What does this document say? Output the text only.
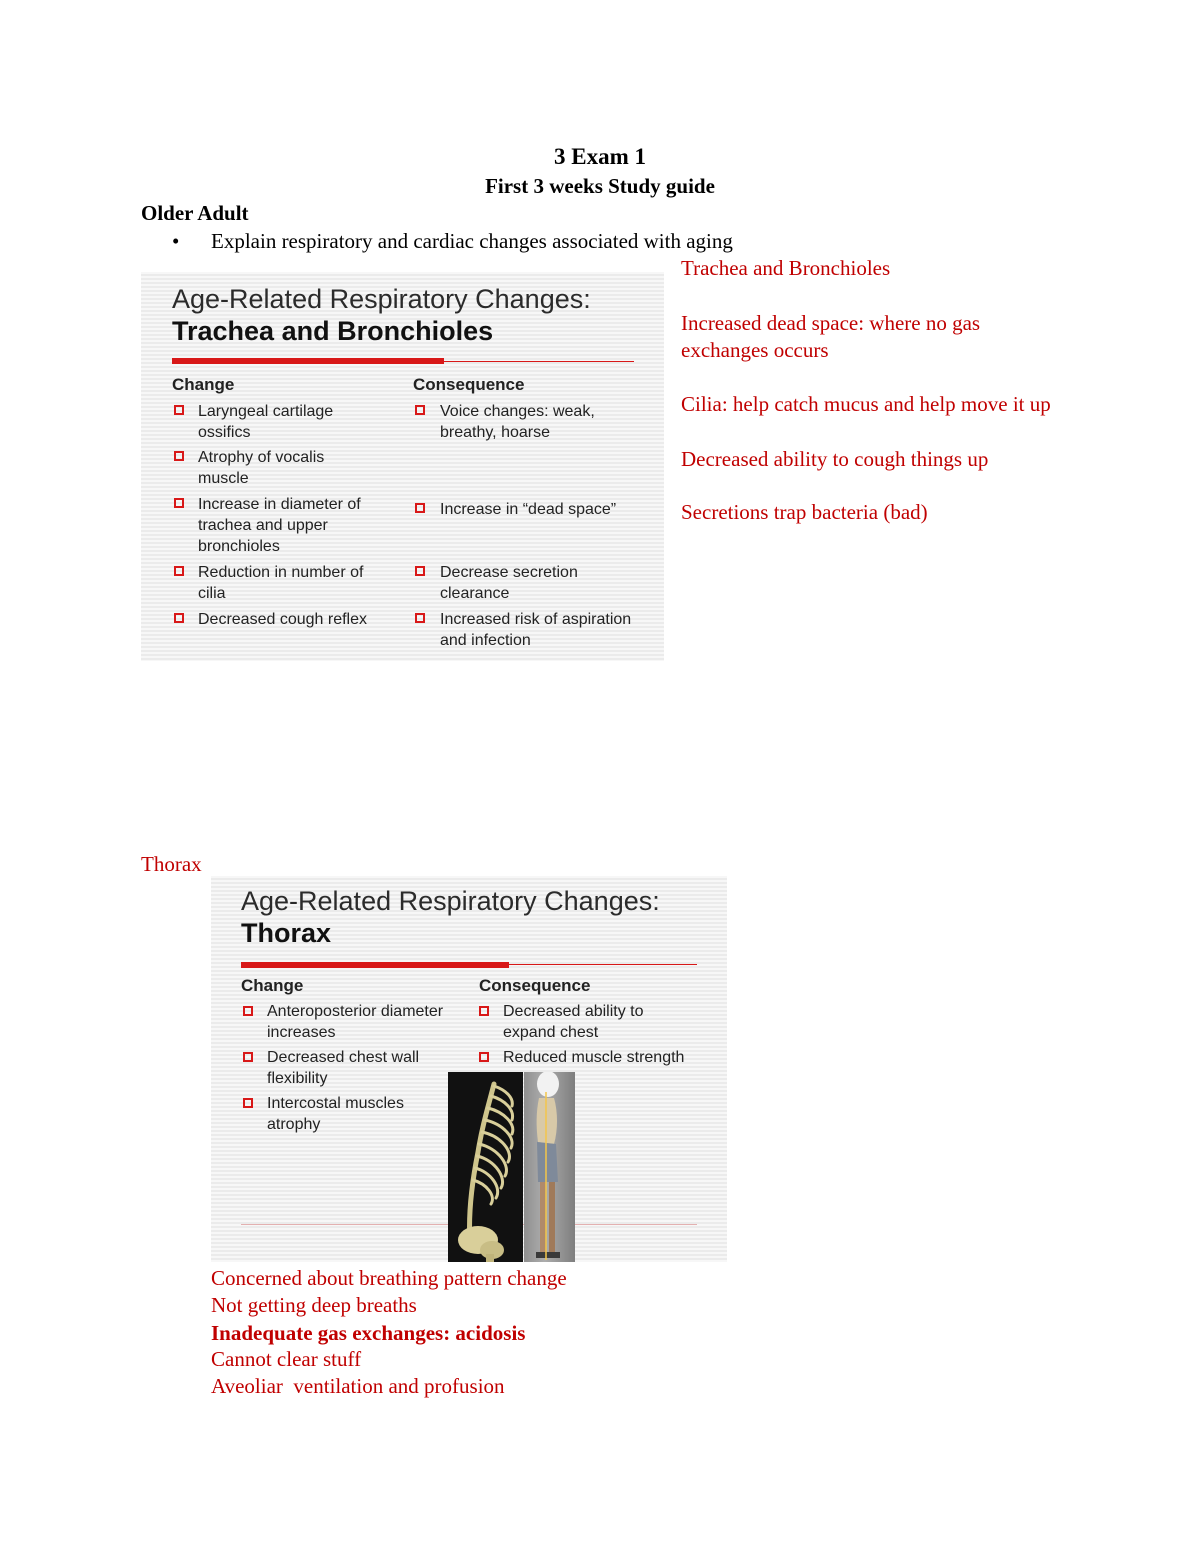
3 Exam 1
First 3 weeks Study guide
Older Adult
• Explain respiratory and cardiac changes associated with aging
Age-Related Respiratory Changes:
Trachea and Bronchioles
Change	Consequence
Laryngeal cartilage ossifics
Atrophy of vocalis muscle
Increase in diameter of trachea and upper bronchioles
Reduction in number of cilia
Decreased cough reflex
Voice changes: weak, breathy, hoarse
Increase in “dead space”
Decrease secretion clearance
Increased risk of aspiration and infection
Trachea and Bronchioles
Increased dead space: where no gas exchanges occurs
Cilia: help catch mucus and help move it up
Decreased ability to cough things up
Secretions trap bacteria (bad)
Thorax
Age-Related Respiratory Changes:
Thorax
Change	Consequence
Anteroposterior diameter increases
Decreased chest wall flexibility
Intercostal muscles atrophy
Decreased ability to expand chest
Reduced muscle strength
Concerned about breathing pattern change
Not getting deep breaths
Inadequate gas exchanges: acidosis
Cannot clear stuff
Aveoliar  ventilation and profusion
